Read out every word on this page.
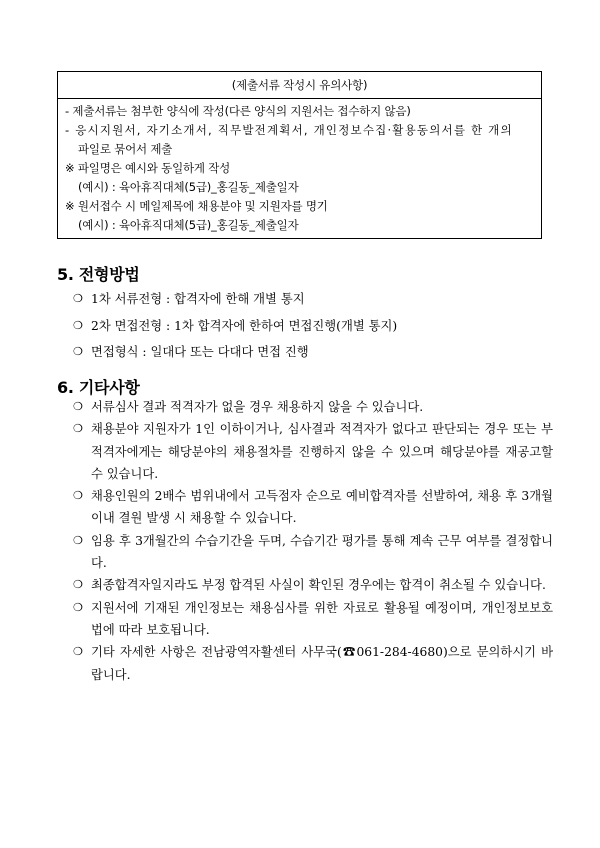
(제출서류 작성시 유의사항)
- 제출서류는 첨부한 양식에 작성(다른 양식의 지원서는 접수하지 않음)
- 응시지원서, 자기소개서, 직무발전계획서, 개인정보수집·활용동의서를 한 개의
파일로 묶어서 제출
※ 파일명은 예시와 동일하게 작성
(예시) : 육아휴직대체(5급)_홍길동_제출일자
※ 원서접수 시 메일제목에 채용분야 및 지원자를 명기
(예시) : 육아휴직대체(5급)_홍길동_제출일자
5. 전형방법
❍ 1차 서류전형 : 합격자에 한해 개별 통지
❍ 2차 면접전형 : 1차 합격자에 한하여 면접진행(개별 통지)
❍ 면접형식 : 일대다 또는 다대다 면접 진행
6. 기타사항
❍ 서류심사 결과 적격자가 없을 경우 채용하지 않을 수 있습니다.
❍ 채용분야 지원자가 1인 이하이거나, 심사결과 적격자가 없다고 판단되는 경우 또는 부적격자에게는 해당분야의 채용절차를 진행하지 않을 수 있으며 해당분야를 재공고할 수 있습니다.
❍ 채용인원의 2배수 범위내에서 고득점자 순으로 예비합격자를 선발하여, 채용 후 3개월 이내 결원 발생 시 채용할 수 있습니다.
❍ 임용 후 3개월간의 수습기간을 두며, 수습기간 평가를 통해 계속 근무 여부를 결정합니다.
❍ 최종합격자일지라도 부정 합격된 사실이 확인된 경우에는 합격이 취소될 수 있습니다.
❍ 지원서에 기재된 개인정보는 채용심사를 위한 자료로 활용될 예정이며, 개인정보보호법에 따라 보호됩니다.
❍ 기타 자세한 사항은 전남광역자활센터 사무국(☎061-284-4680)으로 문의하시기 바랍니다.
